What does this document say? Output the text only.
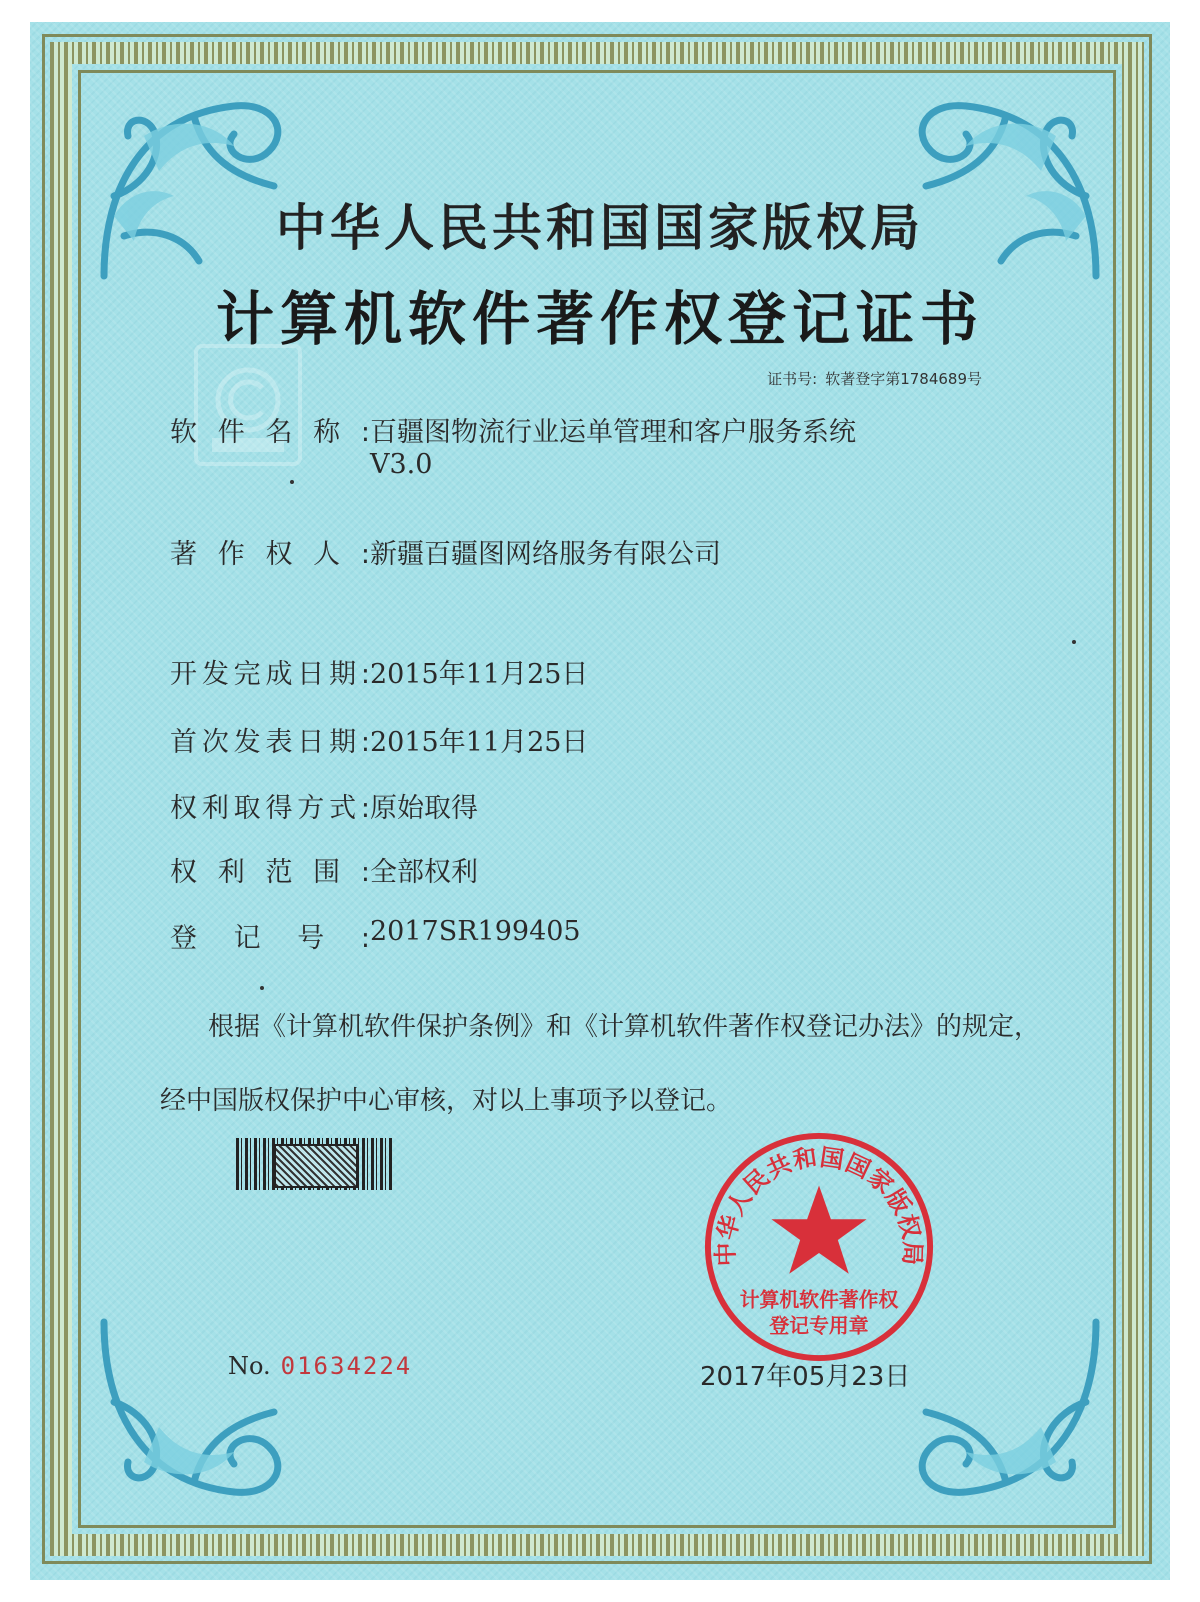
中华人民共和国国家版权局
计算机软件著作权登记证书
证书号: 软著登字第1784689号
软件名称:百疆图物流行业运单管理和客户服务系统
V3.0
著作权人:新疆百疆图网络服务有限公司
开发完成日期:2015年11月25日
首次发表日期:2015年11月25日
权利取得方式:原始取得
权利范围:全部权利
登记号:2017SR199405
根据《计算机软件保护条例》和《计算机软件著作权登记办法》的规定，经中国版权保护中心审核，对以上事项予以登记。
中华人民共和国国家版权局
计算机软件著作权
登记专用章
No. 01634224	2017年05月23日
